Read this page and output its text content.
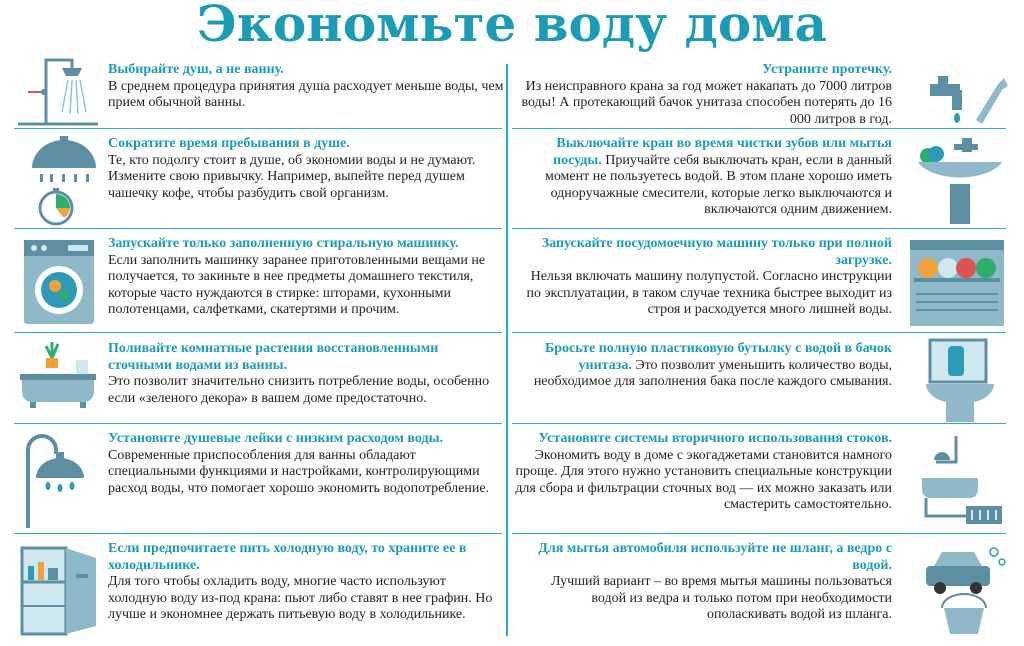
Экономьте воду дома
Выбирайте душ, а не ванну.
В среднем процедура принятия душа расходует меньше воды, чем прием обычной ванны.
Сократите время пребывания в душе.
Те, кто подолгу стоит в душе, об экономии воды и не думают. Измените свою привычку. Например, выпейте перед душем чашечку кофе, чтобы разбудить свой организм.
Запускайте только заполненную стиральную машинку.
Если заполнить машинку заранее приготовленными вещами не получается, то закиньте в нее предметы домашнего текстиля, которые часто нуждаются в стирке: шторами, кухонными полотенцами, салфетками, скатертями и прочим.
Поливайте комнатные растения восстановленными сточными водами из ванны.
Это позволит значительно снизить потребление воды, особенно если «зеленого декора» в вашем доме предостаточно.
Установите душевые лейки с низким расходом воды.
Современные приспособления для ванны обладают специальными функциями и настройками, контролирующими расход воды, что помогает хорошо экономить водопотребление.
Если предпочитаете пить холодную воду, то храните ее в холодильнике.
Для того чтобы охладить воду, многие часто используют холодную воду из-под крана: пьют либо ставят в нее графин. Но лучше и экономнее держать питьевую воду в холодильнике.
Устраните протечку.
Из неисправного крана за год может накапать до 7000 литров воды! А протекающий бачок унитаза способен потерять до 16 000 литров в год.
Выключайте кран во время чистки зубов или мытья посуды. Приучайте себя выключать кран, если в данный момент не пользуетесь водой. В этом плане хорошо иметь одноручажные смесители, которые легко выключаются и включаются одним движением.
Запускайте посудомоечную машину только при полной загрузке.
Нельзя включать машину полупустой. Согласно инструкции по эксплуатации, в таком случае техника быстрее выходит из строя и расходуется много лишней воды.
Бросьте полную пластиковую бутылку с водой в бачок унитаза. Это позволит уменьшить количество воды, необходимое для заполнения бака после каждого смывания.
Установите системы вторичного использования стоков.
Экономить воду в доме с экогаджетами становится намного проще. Для этого нужно установить специальные конструкции для сбора и фильтрации сточных вод — их можно заказать или смастерить самостоятельно.
Для мытья автомобиля используйте не шланг, а ведро с водой.
Лучший вариант – во время мытья машины пользоваться водой из ведра и только потом при необходимости ополаскивать водой из шланга.
